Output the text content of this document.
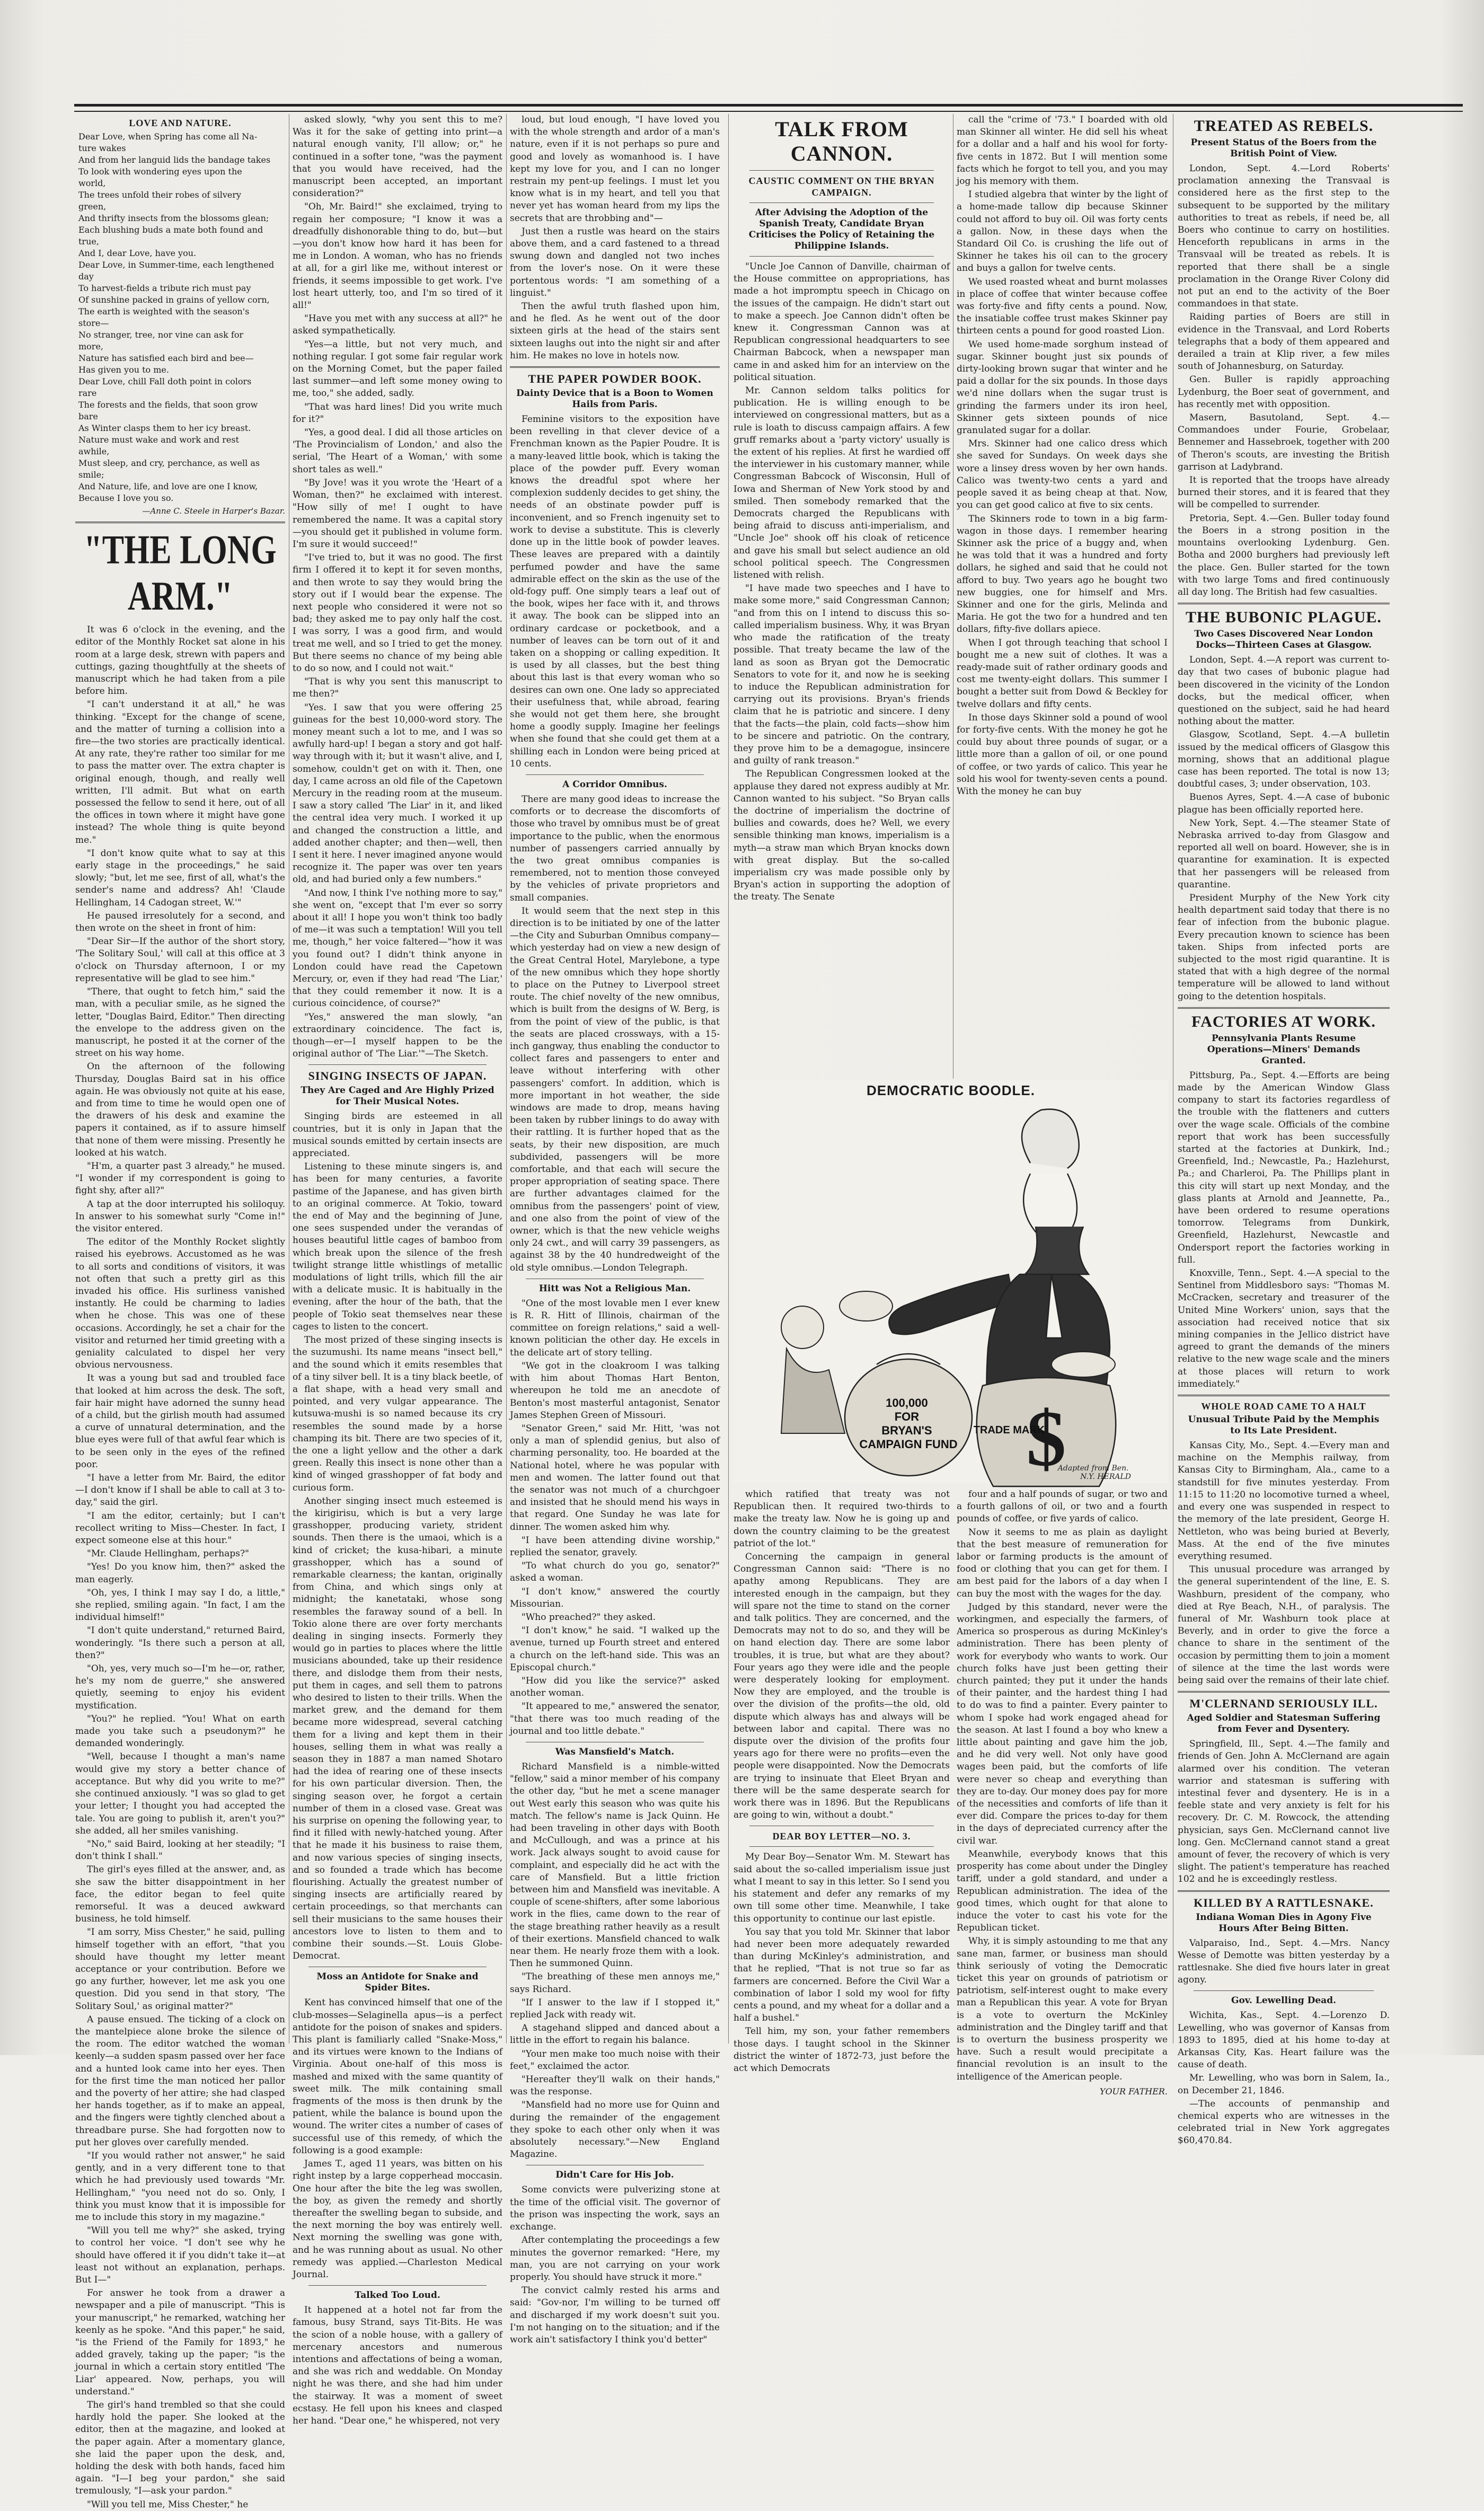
LOVE AND NATURE.
Dear Love, when Spring has come all Na-
ture wakes
And from her languid lids the bandage takes
To look with wondering eyes upon the
world,
The trees unfold their robes of silvery
green,
And thrifty insects from the blossoms glean;
Each blushing buds a mate both found and
true,
And I, dear Love, have you.
Dear Love, in Summer-time, each lengthened
day
To harvest-fields a tribute rich must pay
Of sunshine packed in grains of yellow corn,
The earth is weighted with the season's
store—
No stranger, tree, nor vine can ask for
more,
Nature has satisfied each bird and bee—
Has given you to me.
Dear Love, chill Fall doth point in colors
rare
The forests and the fields, that soon grow
bare
As Winter clasps them to her icy breast.
Nature must wake and work and rest
awhile,
Must sleep, and cry, perchance, as well as
smile;
And Nature, life, and love are one I know,
Because I love you so.
—Anne C. Steele in Harper's Bazar.
"THE LONG ARM."

It was 6 o'clock in the evening, and the editor of the Monthly Rocket sat alone in his room at a large desk, strewn with papers and cuttings, gazing thoughtfully at the sheets of manuscript which he had taken from a pile before him.

"I can't understand it at all," he was thinking. "Except for the change of scene, and the matter of turning a collision into a fire—the two stories are practically identical. At any rate, they're rather too similar for me to pass the matter over. The extra chapter is original enough, though, and really well written, I'll admit. But what on earth possessed the fellow to send it here, out of all the offices in town where it might have gone instead? The whole thing is quite beyond me."

"I don't know quite what to say at this early stage in the proceedings," he said slowly; "but, let me see, first of all, what's the sender's name and address? Ah! 'Claude Hellingham, 14 Cadogan street, W.'"

He paused irresolutely for a second, and then wrote on the sheet in front of him:

"Dear Sir—If the author of the short story, 'The Solitary Soul,' will call at this office at 3 o'clock on Thursday afternoon, I or my representative will be glad to see him."

"There, that ought to fetch him," said the man, with a peculiar smile, as he signed the letter, "Douglas Baird, Editor." Then directing the envelope to the address given on the manuscript, he posted it at the corner of the street on his way home.

On the afternoon of the following Thursday, Douglas Baird sat in his office again. He was obviously not quite at his ease, and from time to time he would open one of the drawers of his desk and examine the papers it contained, as if to assure himself that none of them were missing. Presently he looked at his watch.

"H'm, a quarter past 3 already," he mused. "I wonder if my correspondent is going to fight shy, after all?"

A tap at the door interrupted his soliloquy. In answer to his somewhat surly "Come in!" the visitor entered.

The editor of the Monthly Rocket slightly raised his eyebrows. Accustomed as he was to all sorts and conditions of visitors, it was not often that such a pretty girl as this invaded his office. His surliness vanished instantly. He could be charming to ladies when he chose. This was one of these occasions. Accordingly, he set a chair for the visitor and returned her timid greeting with a geniality calculated to dispel her very obvious nervousness.

It was a young but sad and troubled face that looked at him across the desk. The soft, fair hair might have adorned the sunny head of a child, but the girlish mouth had assumed a curve of unnatural determination, and the blue eyes were full of that awful fear which is to be seen only in the eyes of the refined poor.

"I have a letter from Mr. Baird, the editor—I don't know if I shall be able to call at 3 to-day," said the girl.

"I am the editor, certainly; but I can't recollect writing to Miss—Chester. In fact, I expect someone else at this hour."

"Mr. Claude Hellingham, perhaps?"

"Yes! Do you know him, then?" asked the man eagerly.

"Oh, yes, I think I may say I do, a little," she replied, smiling again. "In fact, I am the individual himself!"

"I don't quite understand," returned Baird, wonderingly. "Is there such a person at all, then?"

"Oh, yes, very much so—I'm he—or, rather, he's my nom de guerre," she answered quietly, seeming to enjoy his evident mystification.

"You?" he replied. "You! What on earth made you take such a pseudonym?" he demanded wonderingly.

"Well, because I thought a man's name would give my story a better chance of acceptance. But why did you write to me?" she continued anxiously. "I was so glad to get your letter; I thought you had accepted the tale. You are going to publish it, aren't you?" she added, all her smiles vanishing.

"No," said Baird, looking at her steadily; "I don't think I shall."

The girl's eyes filled at the answer, and, as she saw the bitter disappointment in her face, the editor began to feel quite remorseful. It was a deuced awkward business, he told himself.

"I am sorry, Miss Chester," he said, pulling himself together with an effort, "that you should have thought my letter meant acceptance or your contribution. Before we go any further, however, let me ask you one question. Did you send in that story, 'The Solitary Soul,' as original matter?"

A pause ensued. The ticking of a clock on the mantelpiece alone broke the silence of the room. The editor watched the woman keenly—a sudden spasm passed over her face and a hunted look came into her eyes. Then for the first time the man noticed her pallor and the poverty of her attire; she had clasped her hands together, as if to make an appeal, and the fingers were tightly clenched about a threadbare purse. She had forgotten now to put her gloves over carefully mended.

"If you would rather not answer," he said gently, and in a very different tone to that which he had previously used towards "Mr. Hellingham," "you need not do so. Only, I think you must know that it is impossible for me to include this story in my magazine."

"Will you tell me why?" she asked, trying to control her voice. "I don't see why he should have offered it if you didn't take it—at least not without an explanation, perhaps. But I—"

For answer he took from a drawer a newspaper and a pile of manuscript. "This is your manuscript," he remarked, watching her keenly as he spoke. "And this paper," he said, "is the Friend of the Family for 1893," he added gravely, taking up the paper; "is the journal in which a certain story entitled 'The Liar' appeared. Now, perhaps, you will understand."

The girl's hand trembled so that she could hardly hold the paper. She looked at the editor, then at the magazine, and looked at the paper again. After a momentary glance, she laid the paper upon the desk, and, holding the desk with both hands, faced him again. "I—I beg your pardon," she said tremulously, "I—ask your pardon."

"Will you tell me, Miss Chester," he

asked slowly, "why you sent this to me? Was it for the sake of getting into print—a natural enough vanity, I'll allow; or," he continued in a softer tone, "was the payment that you would have received, had the manuscript been accepted, an important consideration?"

"Oh, Mr. Baird!" she exclaimed, trying to regain her composure; "I know it was a dreadfully dishonorable thing to do, but—but—you don't know how hard it has been for me in London. A woman, who has no friends at all, for a girl like me, without interest or friends, it seems impossible to get work. I've lost heart utterly, too, and I'm so tired of it all!"

"Have you met with any success at all?" he asked sympathetically.

"Yes—a little, but not very much, and nothing regular. I got some fair regular work on the Morning Comet, but the paper failed last summer—and left some money owing to me, too," she added, sadly.

"That was hard lines! Did you write much for it?"

"Yes, a good deal. I did all those articles on 'The Provincialism of London,' and also the serial, 'The Heart of a Woman,' with some short tales as well."

"By Jove! was it you wrote the 'Heart of a Woman, then?" he exclaimed with interest. "How silly of me! I ought to have remembered the name. It was a capital story—you should get it published in volume form. I'm sure it would succeed!"

"I've tried to, but it was no good. The first firm I offered it to kept it for seven months, and then wrote to say they would bring the story out if I would bear the expense. The next people who considered it were not so bad; they asked me to pay only half the cost. I was sorry, I was a good firm, and would treat me well, and so I tried to get the money. But there seems no chance of my being able to do so now, and I could not wait."

"That is why you sent this manuscript to me then?"

"Yes. I saw that you were offering 25 guineas for the best 10,000-word story. The money meant such a lot to me, and I was so awfully hard-up! I began a story and got half-way through with it; but it wasn't alive, and I, somehow, couldn't get on with it. Then, one day, I came across an old file of the Capetown Mercury in the reading room at the museum. I saw a story called 'The Liar' in it, and liked the central idea very much. I worked it up and changed the construction a little, and added another chapter; and then—well, then I sent it here. I never imagined anyone would recognize it. The paper was over ten years old, and had buried only a few numbers."

"And now, I think I've nothing more to say," she went on, "except that I'm ever so sorry about it all! I hope you won't think too badly of me—it was such a temptation! Will you tell me, though," her voice faltered—"how it was you found out? I didn't think anyone in London could have read the Capetown Mercury, or, even if they had read 'The Liar,' that they could remember it now. It is a curious coincidence, of course?"

"Yes," answered the man slowly, "an extraordinary coincidence. The fact is, though—er—I myself happen to be the original author of 'The Liar.'"—The Sketch.

SINGING INSECTS OF JAPAN.
They Are Caged and Are Highly Prized for Their Musical Notes.

Singing birds are esteemed in all countries, but it is only in Japan that the musical sounds emitted by certain insects are appreciated.

Listening to these minute singers is, and has been for many centuries, a favorite pastime of the Japanese, and has given birth to an original commerce. At Tokio, toward the end of May and the beginning of June, one sees suspended under the verandas of houses beautiful little cages of bamboo from which break upon the silence of the fresh twilight strange little whistlings of metallic modulations of light trills, which fill the air with a delicate music. It is habitually in the evening, after the hour of the bath, that the people of Tokio seat themselves near these cages to listen to the concert.

The most prized of these singing insects is the suzumushi. Its name means "insect bell," and the sound which it emits resembles that of a tiny silver bell. It is a tiny black beetle, of a flat shape, with a head very small and pointed, and very vulgar appearance. The kutsuwa-mushi is so named because its cry resembles the sound made by a horse champing its bit. There are two species of it, the one a light yellow and the other a dark green. Really this insect is none other than a kind of winged grasshopper of fat body and curious form.

Another singing insect much esteemed is the kirigirisu, which is but a very large grasshopper, producing variety, strident sounds. Then there is the umaoi, which is a kind of cricket; the kusa-hibari, a minute grasshopper, which has a sound of remarkable clearness; the kantan, originally from China, and which sings only at midnight; the kanetataki, whose song resembles the faraway sound of a bell. In Tokio alone there are over forty merchants dealing in singing insects. Formerly they would go in parties to places where the little musicians abounded, take up their residence there, and dislodge them from their nests, put them in cages, and sell them to patrons who desired to listen to their trills. When the market grew, and the demand for them became more widespread, several catching them for a living and kept them in their houses, selling them in what was really a season they in 1887 a man named Shotaro had the idea of rearing one of these insects for his own particular diversion. Then, the singing season over, he forgot a certain number of them in a closed vase. Great was his surprise on opening the following year, to find it filled with newly-hatched young. After that he made it his business to raise them, and now various species of singing insects, and so founded a trade which has become flourishing. Actually the greatest number of singing insects are artificially reared by certain proceedings, so that merchants can sell their musicians to the same houses their ancestors love to listen to them and to combine their sounds.—St. Louis Globe-Democrat.

Moss an Antidote for Snake and Spider Bites.

Kent has convinced himself that one of the club-mosses—Selaginella apus—is a perfect antidote for the poison of snakes and spiders. This plant is familiarly called "Snake-Moss," and its virtues were known to the Indians of Virginia. About one-half of this moss is mashed and mixed with the same quantity of sweet milk. The milk containing small fragments of the moss is then drunk by the patient, while the balance is bound upon the wound. The writer cites a number of cases of successful use of this remedy, of which the following is a good example:

James T., aged 11 years, was bitten on his right instep by a large copperhead moccasin. One hour after the bite the leg was swollen, the boy, as given the remedy and shortly thereafter the swelling began to subside, and the next morning the boy was entirely well. Next morning the swelling was gone with, and he was running about as usual. No other remedy was applied.—Charleston Medical Journal.

Talked Too Loud.

It happened at a hotel not far from the famous, busy Strand, says Tit-Bits. He was the scion of a noble house, with a gallery of mercenary ancestors and numerous intentions and affectations of being a woman, and she was rich and weddable. On Monday night he was there, and she had him under the stairway. It was a moment of sweet ecstasy. He fell upon his knees and clasped her hand. "Dear one," he whispered, not very

loud, but loud enough, "I have loved you with the whole strength and ardor of a man's nature, even if it is not perhaps so pure and good and lovely as womanhood is. I have kept my love for you, and I can no longer restrain my pent-up feelings. I must let you know what is in my heart, and tell you that never yet has woman heard from my lips the secrets that are throbbing and"—

Just then a rustle was heard on the stairs above them, and a card fastened to a thread swung down and dangled not two inches from the lover's nose. On it were these portentous words: "I am something of a linguist."

Then the awful truth flashed upon him, and he fled. As he went out of the door sixteen girls at the head of the stairs sent sixteen laughs out into the night sir and after him. He makes no love in hotels now.

THE PAPER POWDER BOOK.
Dainty Device that is a Boon to Women Hails from Paris.

Feminine visitors to the exposition have been revelling in that clever device of a Frenchman known as the Papier Poudre. It is a many-leaved little book, which is taking the place of the powder puff. Every woman knows the dreadful spot where her complexion suddenly decides to get shiny, the needs of an obstinate powder puff is inconvenient, and so French ingenuity set to work to devise a substitute. This is cleverly done up in the little book of powder leaves. These leaves are prepared with a daintily perfumed powder and have the same admirable effect on the skin as the use of the old-fogy puff. One simply tears a leaf out of the book, wipes her face with it, and throws it away. The book can be slipped into an ordinary cardcase or pocketbook, and a number of leaves can be torn out of it and taken on a shopping or calling expedition. It is used by all classes, but the best thing about this last is that every woman who so desires can own one. One lady so appreciated their usefulness that, while abroad, fearing she would not get them here, she brought home a goodly supply. Imagine her feelings when she found that she could get them at a shilling each in London were being priced at 10 cents.

A Corridor Omnibus.

There are many good ideas to increase the comforts or to decrease the discomforts of those who travel by omnibus must be of great importance to the public, when the enormous number of passengers carried annually by the two great omnibus companies is remembered, not to mention those conveyed by the vehicles of private proprietors and small companies.

It would seem that the next step in this direction is to be initiated by one of the latter—the City and Suburban Omnibus company—which yesterday had on view a new design of the Great Central Hotel, Marylebone, a type of the new omnibus which they hope shortly to place on the Putney to Liverpool street route. The chief novelty of the new omnibus, which is built from the designs of W. Berg, is from the point of view of the public, is that the seats are placed crossways, with a 15-inch gangway, thus enabling the conductor to collect fares and passengers to enter and leave without interfering with other passengers' comfort. In addition, which is more important in hot weather, the side windows are made to drop, means having been taken by rubber linings to do away with their rattling. It is further hoped that as the seats, by their new disposition, are much subdivided, passengers will be more comfortable, and that each will secure the proper appropriation of seating space. There are further advantages claimed for the omnibus from the passengers' point of view, and one also from the point of view of the owner, which is that the new vehicle weighs only 24 cwt., and will carry 39 passengers, as against 38 by the 40 hundredweight of the old style omnibus.—London Telegraph.

Hitt was Not a Religious Man.

"One of the most lovable men I ever knew is R. R. Hitt of Illinois, chairman of the committee on foreign relations," said a well-known politician the other day. He excels in the delicate art of story telling.

"We got in the cloakroom I was talking with him about Thomas Hart Benton, whereupon he told me an anecdote of Benton's most masterful antagonist, Senator James Stephen Green of Missouri.

"Senator Green," said Mr. Hitt, 'was not only a man of splendid genius, but also of charming personality, too. He boarded at the National hotel, where he was popular with men and women. The latter found out that the senator was not much of a churchgoer and insisted that he should mend his ways in that regard. One Sunday he was late for dinner. The women asked him why.

"I have been attending divine worship," replied the senator, gravely.

"To what church do you go, senator?" asked a woman.

"I don't know," answered the courtly Missourian.

"Who preached?" they asked.

"I don't know," he said. "I walked up the avenue, turned up Fourth street and entered a church on the left-hand side. This was an Episcopal church."

"How did you like the service?" asked another woman.

"It appeared to me," answered the senator, "that there was too much reading of the journal and too little debate."

Was Mansfield's Match.

Richard Mansfield is a nimble-witted "fellow," said a minor member of his company the other day, "but he met a scene manager out West early this season who was quite his match. The fellow's name is Jack Quinn. He had been traveling in other days with Booth and McCullough, and was a prince at his work. Jack always sought to avoid cause for complaint, and especially did he act with the care of Mansfield. But a little friction between him and Mansfield was inevitable. A couple of scene-shifters, after some laborious work in the flies, came down to the rear of the stage breathing rather heavily as a result of their exertions. Mansfield chanced to walk near them. He nearly froze them with a look. Then he summoned Quinn.

"The breathing of these men annoys me," says Richard.

"If I answer to the law if I stopped it," replied Jack with ready wit.

A stagehand slipped and danced about a little in the effort to regain his balance.

"Your men make too much noise with their feet," exclaimed the actor.

"Hereafter they'll walk on their hands," was the response.

"Mansfield had no more use for Quinn and during the remainder of the engagement they spoke to each other only when it was absolutely necessary."—New England Magazine.

Didn't Care for His Job.

Some convicts were pulverizing stone at the time of the official visit. The governor of the prison was inspecting the work, says an exchange.

After contemplating the proceedings a few minutes the governor remarked: "Here, my man, you are not carrying on your work properly. You should have struck it more."

The convict calmly rested his arms and said: "Gov-nor, I'm willing to be turned off and discharged if my work doesn't suit you. I'm not hanging on to the situation; and if the work ain't satisfactory I think you'd better"

TALK FROM CANNON.
CAUSTIC COMMENT ON THE BRYAN CAMPAIGN.
After Advising the Adoption of the Spanish Treaty, Candidate Bryan Criticises the Policy of Retaining the Philippine Islands.

"Uncle Joe Cannon of Danville, chairman of the House committee on appropriations, has made a hot impromptu speech in Chicago on the issues of the campaign. He didn't start out to make a speech. Joe Cannon didn't often be knew it. Congressman Cannon was at Republican congressional headquarters to see Chairman Babcock, when a newspaper man came in and asked him for an interview on the political situation.

Mr. Cannon seldom talks politics for publication. He is willing enough to be interviewed on congressional matters, but as a rule is loath to discuss campaign affairs. A few gruff remarks about a 'party victory' usually is the extent of his replies. At first he wardied off the interviewer in his customary manner, while Congressman Babcock of Wisconsin, Hull of Iowa and Sherman of New York stood by and smiled. Then somebody remarked that the Democrats charged the Republicans with being afraid to discuss anti-imperialism, and "Uncle Joe" shook off his cloak of reticence and gave his small but select audience an old school political speech. The Congressmen listened with relish.

"I have made two speeches and I have to make some more," said Congressman Cannon; "and from this on I intend to discuss this so-called imperialism business. Why, it was Bryan who made the ratification of the treaty possible. That treaty became the law of the land as soon as Bryan got the Democratic Senators to vote for it, and now he is seeking to induce the Republican administration for carrying out its provisions. Bryan's friends claim that he is patriotic and sincere. I deny that the facts—the plain, cold facts—show him to be sincere and patriotic. On the contrary, they prove him to be a demagogue, insincere and guilty of rank treason."

The Republican Congressmen looked at the applause they dared not express audibly at Mr. Cannon wanted to his subject. "So Bryan calls the doctrine of imperialism the doctrine of bullies and cowards, does he? Well, we every sensible thinking man knows, imperialism is a myth—a straw man which Bryan knocks down with great display. But the so-called imperialism cry was made possible only by Bryan's action in supporting the adoption of the treaty. The Senate

call the "crime of '73." I boarded with old man Skinner all winter. He did sell his wheat for a dollar and a half and his wool for forty-five cents in 1872. But I will mention some facts which he forgot to tell you, and you may jog his memory with them.

I studied algebra that winter by the light of a home-made tallow dip because Skinner could not afford to buy oil. Oil was forty cents a gallon. Now, in these days when the Standard Oil Co. is crushing the life out of Skinner he takes his oil can to the grocery and buys a gallon for twelve cents.

We used roasted wheat and burnt molasses in place of coffee that winter because coffee was forty-five and fifty cents a pound. Now, the insatiable coffee trust makes Skinner pay thirteen cents a pound for good roasted Lion.

We used home-made sorghum instead of sugar. Skinner bought just six pounds of dirty-looking brown sugar that winter and he paid a dollar for the six pounds. In those days we'd nine dollars when the sugar trust is grinding the farmers under its iron heel, Skinner gets sixteen pounds of nice granulated sugar for a dollar.

Mrs. Skinner had one calico dress which she saved for Sundays. On week days she wore a linsey dress woven by her own hands. Calico was twenty-two cents a yard and people saved it as being cheap at that. Now, you can get good calico at five to six cents.

The Skinners rode to town in a big farm-wagon in those days. I remember hearing Skinner ask the price of a buggy and, when he was told that it was a hundred and forty dollars, he sighed and said that he could not afford to buy. Two years ago he bought two new buggies, one for himself and Mrs. Skinner and one for the girls, Melinda and Maria. He got the two for a hundred and ten dollars, fifty-five dollars apiece.

When I got through teaching that school I bought me a new suit of clothes. It was a ready-made suit of rather ordinary goods and cost me twenty-eight dollars. This summer I bought a better suit from Dowd & Beckley for twelve dollars and fifty cents.

In those days Skinner sold a pound of wool for forty-five cents. With the money he got he could buy about three pounds of sugar, or a little more than a gallon of oil, or one pound of coffee, or two yards of calico. This year he sold his wool for twenty-seven cents a pound. With the money he can buy

DEMOCRATIC BOODLE.
100,000 FOR BRYAN'S CAMPAIGN FUND $
TRADE MARK
Adapted from Ben. N.Y. HERALD

which ratified that treaty was not Republican then. It required two-thirds to make the treaty law. Now he is going up and down the country claiming to be the greatest patriot of the lot."

Concerning the campaign in general Congressman Cannon said: "There is no apathy among Republicans. They are interested enough in the campaign, but they will spare not the time to stand on the corner and talk politics. They are concerned, and the Democrats may not to do so, and they will be on hand election day. There are some labor troubles, it is true, but what are they about? Four years ago they were idle and the people were desperately looking for employment. Now they are employed, and the trouble is over the division of the profits—the old, old dispute which always has and always will be between labor and capital. There was no dispute over the division of the profits four years ago for there were no profits—even the people were disappointed. Now the Democrats are trying to insinuate that Eleet Bryan and there will be the same desperate search for work there was in 1896. But the Republicans are going to win, without a doubt."

DEAR BOY LETTER—NO. 3.

My Dear Boy—Senator Wm. M. Stewart has said about the so-called imperialism issue just what I meant to say in this letter. So I send you his statement and defer any remarks of my own till some other time. Meanwhile, I take this opportunity to continue our last epistle.

You say that you told Mr. Skinner that labor had never been more adequately rewarded than during McKinley's administration, and that he replied, "That is not true so far as farmers are concerned. Before the Civil War a combination of labor I sold my wool for fifty cents a pound, and my wheat for a dollar and a half a bushel."

Tell him, my son, your father remembers those days. I taught school in the Skinner district the winter of 1872-73, just before the act which Democrats

four and a half pounds of sugar, or two and a fourth gallons of oil, or two and a fourth pounds of coffee, or five yards of calico.

Now it seems to me as plain as daylight that the best measure of remuneration for labor or farming products is the amount of food or clothing that you can get for them. I am best paid for the labors of a day when I can buy the most with the wages for the day.

Judged by this standard, never were the workingmen, and especially the farmers, of America so prosperous as during McKinley's administration. There has been plenty of work for everybody who wants to work. Our church folks have just been getting their church painted; they put it under the hands of their painter, and the hardest thing I had to do was to find a painter. Every painter to whom I spoke had work engaged ahead for the season. At last I found a boy who knew a little about painting and gave him the job, and he did very well. Not only have good wages been paid, but the comforts of life were never so cheap and everything than they are to-day. Our money does pay for more of the necessities and comforts of life than it ever did. Compare the prices to-day for them in the days of depreciated currency after the civil war.

Meanwhile, everybody knows that this prosperity has come about under the Dingley tariff, under a gold standard, and under a Republican administration. The idea of the good times, which ought for that alone to induce the voter to cast his vote for the Republican ticket.

Why, it is simply astounding to me that any sane man, farmer, or business man should think seriously of voting the Democratic ticket this year on grounds of patriotism or patriotism, self-interest ought to make every man a Republican this year. A vote for Bryan is a vote to overturn the McKinley administration and the Dingley tariff and that is to overturn the business prosperity we have. Such a result would precipitate a financial revolution is an insult to the intelligence of the American people.

YOUR FATHER.
TREATED AS REBELS.
Present Status of the Boers from the British Point of View.

London, Sept. 4.—Lord Roberts' proclamation annexing the Transvaal is considered here as the first step to the subsequent to be supported by the military authorities to treat as rebels, if need be, all Boers who continue to carry on hostilities. Henceforth republicans in arms in the Transvaal will be treated as rebels. It is reported that there shall be a single proclamation in the Orange River Colony did not put an end to the activity of the Boer commandoes in that state.

Raiding parties of Boers are still in evidence in the Transvaal, and Lord Roberts telegraphs that a body of them appeared and derailed a train at Klip river, a few miles south of Johannesburg, on Saturday.

Gen. Buller is rapidly approaching Lydenburg, the Boer seat of government, and has recently met with opposition.

Masern, Basutoland, Sept. 4.—Commandoes under Fourie, Grobelaar, Bennemer and Hassebroek, together with 200 of Theron's scouts, are investing the British garrison at Ladybrand.

It is reported that the troops have already burned their stores, and it is feared that they will be compelled to surrender.

Pretoria, Sept. 4.—Gen. Buller today found the Boers in a strong position in the mountains overlooking Lydenburg. Gen. Botha and 2000 burghers had previously left the place. Gen. Buller started for the town with two large Toms and fired continuously all day long. The British had few casualties.

THE BUBONIC PLAGUE.
Two Cases Discovered Near London Docks—Thirteen Cases at Glasgow.

London, Sept. 4.—A report was current to-day that two cases of bubonic plague had been discovered in the vicinity of the London docks, but the medical officer, when questioned on the subject, said he had heard nothing about the matter.

Glasgow, Scotland, Sept. 4.—A bulletin issued by the medical officers of Glasgow this morning, shows that an additional plague case has been reported. The total is now 13; doubtful cases, 3; under observation, 103.

Buenos Ayres, Sept. 4.—A case of bubonic plague has been officially reported here.

New York, Sept. 4.—The steamer State of Nebraska arrived to-day from Glasgow and reported all well on board. However, she is in quarantine for examination. It is expected that her passengers will be released from quarantine.

President Murphy of the New York city health department said today that there is no fear of infection from the bubonic plague. Every precaution known to science has been taken. Ships from infected ports are subjected to the most rigid quarantine. It is stated that with a high degree of the normal temperature will be allowed to land without going to the detention hospitals.

FACTORIES AT WORK.
Pennsylvania Plants Resume Operations—Miners' Demands Granted.

Pittsburg, Pa., Sept. 4.—Efforts are being made by the American Window Glass company to start its factories regardless of the trouble with the flatteners and cutters over the wage scale. Officials of the combine report that work has been successfully started at the factories at Dunkirk, Ind.; Greenfield, Ind.; Newcastle, Pa.; Hazlehurst, Pa.; and Charleroi, Pa. The Phillips plant in this city will start up next Monday, and the glass plants at Arnold and Jeannette, Pa., have been ordered to resume operations tomorrow. Telegrams from Dunkirk, Greenfield, Hazlehurst, Newcastle and Ondersport report the factories working in full.

Knoxville, Tenn., Sept. 4.—A special to the Sentinel from Middlesboro says: "Thomas M. McCracken, secretary and treasurer of the United Mine Workers' union, says that the association had received notice that six mining companies in the Jellico district have agreed to grant the demands of the miners relative to the new wage scale and the miners at those places will return to work immediately."

WHOLE ROAD CAME TO A HALT
Unusual Tribute Paid by the Memphis to Its Late President.

Kansas City, Mo., Sept. 4.—Every man and machine on the Memphis railway, from Kansas City to Birmingham, Ala., came to a standstill for five minutes yesterday. From 11:15 to 11:20 no locomotive turned a wheel, and every one was suspended in respect to the memory of the late president, George H. Nettleton, who was being buried at Beverly, Mass. At the end of the five minutes everything resumed.

This unusual procedure was arranged by the general superintendent of the line, E. S. Washburn, president of the company, who died at Rye Beach, N.H., of paralysis. The funeral of Mr. Washburn took place at Beverly, and in order to give the force a chance to share in the sentiment of the occasion by permitting them to join a moment of silence at the time the last words were being said over the remains of their late chief.

M'CLERNAND SERIOUSLY ILL.
Aged Soldier and Statesman Suffering from Fever and Dysentery.

Springfield, Ill., Sept. 4.—The family and friends of Gen. John A. McClernand are again alarmed over his condition. The veteran warrior and statesman is suffering with intestinal fever and dysentery. He is in a feeble state and very anxiety is felt for his recovery. Dr. C. M. Rowcock, the attending physician, says Gen. McClernand cannot live long. Gen. McClernand cannot stand a great amount of fever, the recovery of which is very slight. The patient's temperature has reached 102 and he is exceedingly restless.

KILLED BY A RATTLESNAKE.
Indiana Woman Dies in Agony Five Hours After Being Bitten.

Valparaiso, Ind., Sept. 4.—Mrs. Nancy Wesse of Demotte was bitten yesterday by a rattlesnake. She died five hours later in great agony.

Gov. Lewelling Dead.

Wichita, Kas., Sept. 4.—Lorenzo D. Lewelling, who was governor of Kansas from 1893 to 1895, died at his home to-day at Arkansas City, Kas. Heart failure was the cause of death.

Mr. Lewelling, who was born in Salem, Ia., on December 21, 1846.

—The accounts of penmanship and chemical experts who are witnesses in the celebrated trial in New York aggregates $60,470.84.
